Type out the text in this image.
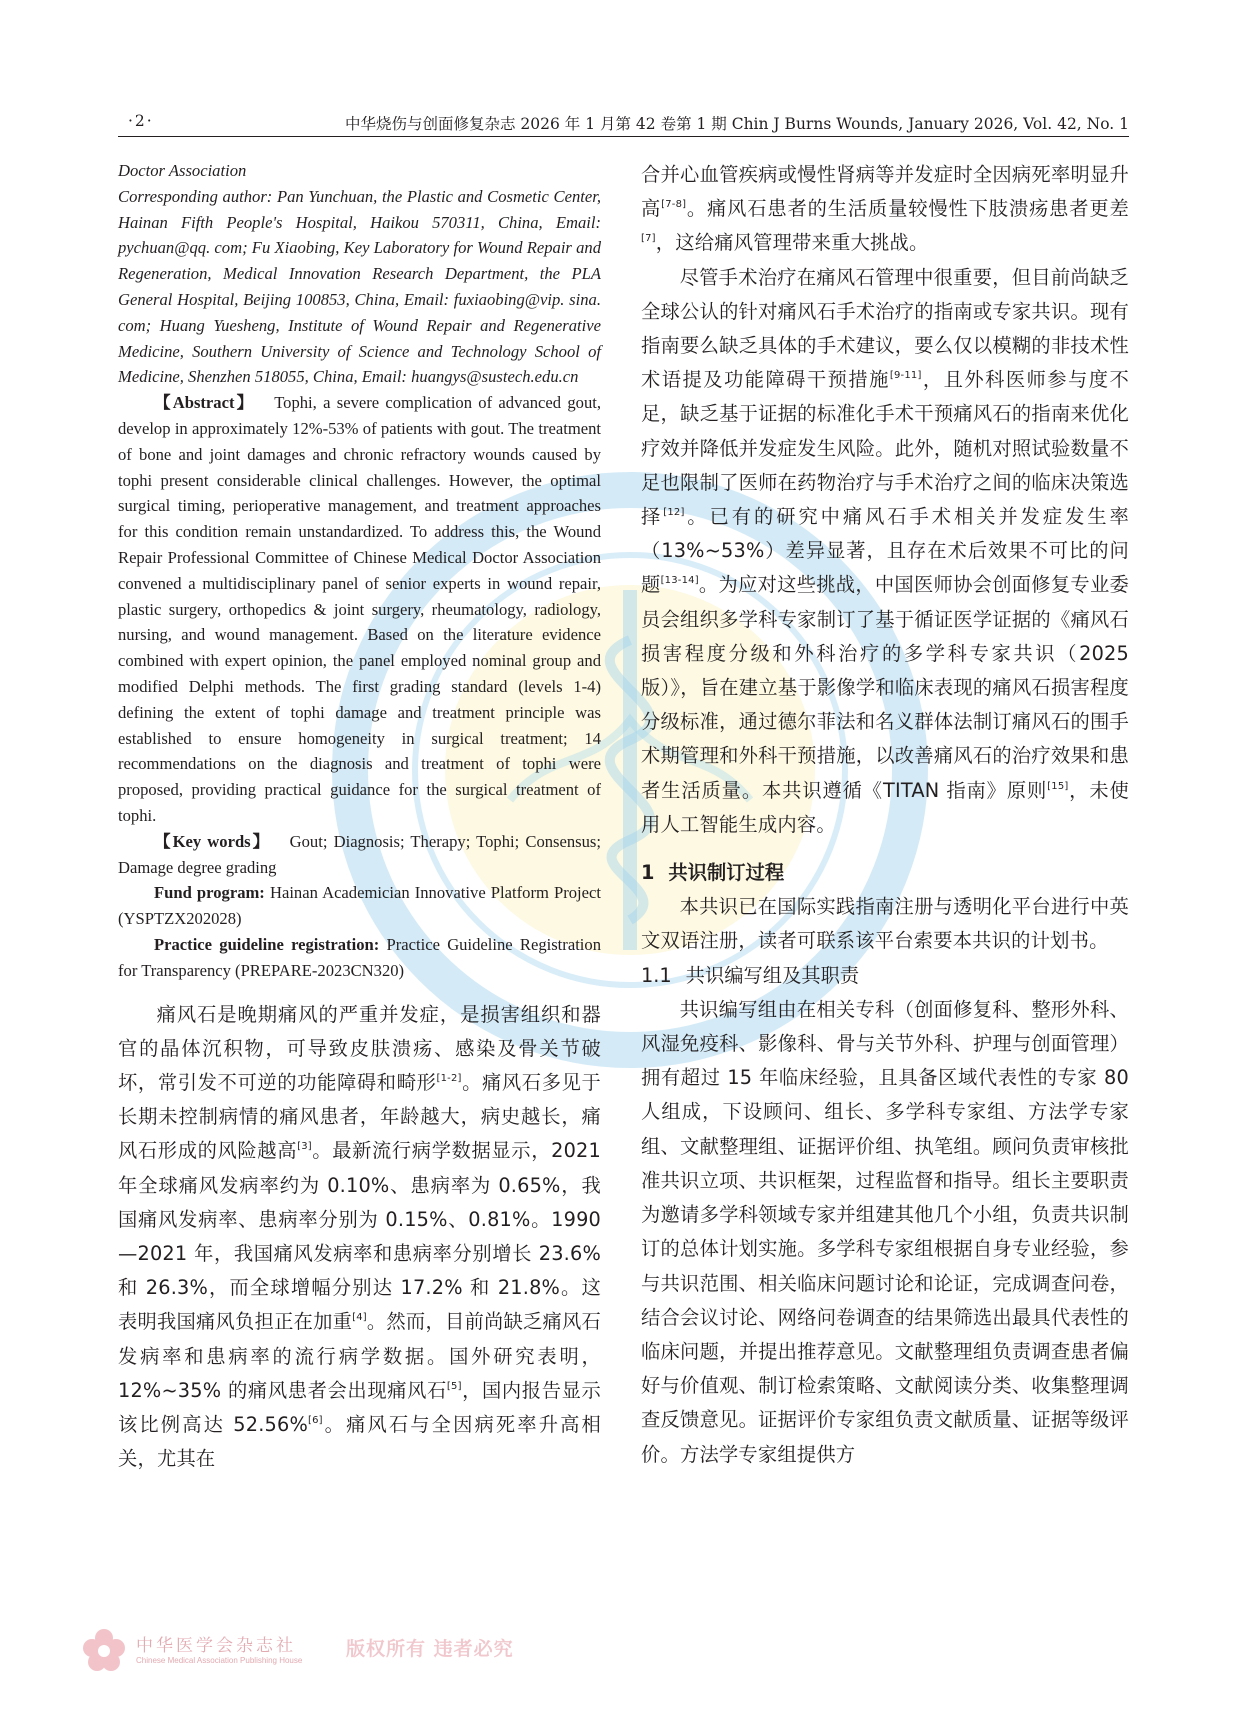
·2·	中华烧伤与创面修复杂志 2026 年 1 月第 42 卷第 1 期 Chin J Burns Wounds, January 2026, Vol. 42, No. 1

Doctor Association

Corresponding author: Pan Yunchuan, the Plastic and Cosmetic Center, Hainan Fifth People's Hospital, Haikou 570311, China, Email: pychuan@qq. com; Fu Xiaobing, Key Laboratory for Wound Repair and Regeneration, Medical Innovation Research Department, the PLA General Hospital, Beijing 100853, China, Email: fuxiaobing@vip. sina. com; Huang Yuesheng, Institute of Wound Repair and Regenerative Medicine, Southern University of Science and Technology School of Medicine, Shenzhen 518055, China, Email: huangys@sustech.edu.cn

【Abstract】 Tophi, a severe complication of advanced gout, develop in approximately 12%-53% of patients with gout. The treatment of bone and joint damages and chronic refractory wounds caused by tophi present considerable clinical challenges. However, the optimal surgical timing, perioperative management, and treatment approaches for this condition remain unstandardized. To address this, the Wound Repair Professional Committee of Chinese Medical Doctor Association convened a multidisciplinary panel of senior experts in wound repair, plastic surgery, orthopedics & joint surgery, rheumatology, radiology, nursing, and wound management. Based on the literature evidence combined with expert opinion, the panel employed nominal group and modified Delphi methods. The first grading standard (levels 1-4) defining the extent of tophi damage and treatment principle was established to ensure homogeneity in surgical treatment; 14 recommendations on the diagnosis and treatment of tophi were proposed, providing practical guidance for the surgical treatment of tophi.

【Key words】 Gout; Diagnosis; Therapy; Tophi; Consensus; Damage degree grading

Fund program: Hainan Academician Innovative Platform Project (YSPTZX202028)

Practice guideline registration: Practice Guideline Registration for Transparency (PREPARE-2023CN320)

痛风石是晚期痛风的严重并发症，是损害组织和器官的晶体沉积物，可导致皮肤溃疡、感染及骨关节破坏，常引发不可逆的功能障碍和畸形[1-2]。痛风石多见于长期未控制病情的痛风患者，年龄越大，病史越长，痛风石形成的风险越高[3]。最新流行病学数据显示，2021 年全球痛风发病率约为 0.10%、患病率为 0.65%，我国痛风发病率、患病率分别为 0.15%、0.81%。1990—2021 年，我国痛风发病率和患病率分别增长 23.6% 和 26.3%，而全球增幅分别达 17.2% 和 21.8%。这表明我国痛风负担正在加重[4]。然而，目前尚缺乏痛风石发病率和患病率的流行病学数据。国外研究表明，12%~35% 的痛风患者会出现痛风石[5]，国内报告显示该比例高达 52.56%[6]。痛风石与全因病死率升高相关，尤其在

合并心血管疾病或慢性肾病等并发症时全因病死率明显升高[7-8]。痛风石患者的生活质量较慢性下肢溃疡患者更差[7]，这给痛风管理带来重大挑战。

尽管手术治疗在痛风石管理中很重要，但目前尚缺乏全球公认的针对痛风石手术治疗的指南或专家共识。现有指南要么缺乏具体的手术建议，要么仅以模糊的非技术性术语提及功能障碍干预措施[9-11]，且外科医师参与度不足，缺乏基于证据的标准化手术干预痛风石的指南来优化疗效并降低并发症发生风险。此外，随机对照试验数量不足也限制了医师在药物治疗与手术治疗之间的临床决策选择[12]。已有的研究中痛风石手术相关并发症发生率（13%~53%）差异显著，且存在术后效果不可比的问题[13-14]。为应对这些挑战，中国医师协会创面修复专业委员会组织多学科专家制订了基于循证医学证据的《痛风石损害程度分级和外科治疗的多学科专家共识（2025 版）》，旨在建立基于影像学和临床表现的痛风石损害程度分级标准，通过德尔菲法和名义群体法制订痛风石的围手术期管理和外科干预措施，以改善痛风石的治疗效果和患者生活质量。本共识遵循《TITAN 指南》原则[15]，未使用人工智能生成内容。

1 共识制订过程

本共识已在国际实践指南注册与透明化平台进行中英文双语注册，读者可联系该平台索要本共识的计划书。

1.1 共识编写组及其职责

共识编写组由在相关专科（创面修复科、整形外科、风湿免疫科、影像科、骨与关节外科、护理与创面管理）拥有超过 15 年临床经验，且具备区域代表性的专家 80 人组成，下设顾问、组长、多学科专家组、方法学专家组、文献整理组、证据评价组、执笔组。顾问负责审核批准共识立项、共识框架，过程监督和指导。组长主要职责为邀请多学科领域专家并组建其他几个小组，负责共识制订的总体计划实施。多学科专家组根据自身专业经验，参与共识范围、相关临床问题讨论和论证，完成调查问卷，结合会议讨论、网络问卷调查的结果筛选出最具代表性的临床问题，并提出推荐意见。文献整理组负责调查患者偏好与价值观、制订检索策略、文献阅读分类、收集整理调查反馈意见。证据评价专家组负责文献质量、证据等级评价。方法学专家组提供方

中华医学会杂志社
Chinese Medical Association Publishing House
版权所有 违者必究
